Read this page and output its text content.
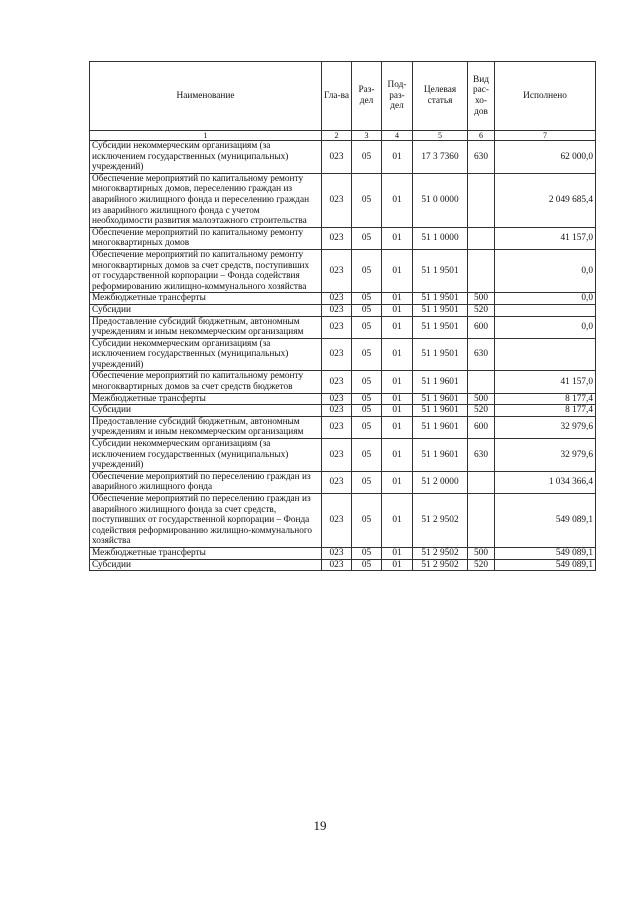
Наименование	Гла-ва	Раз-дел	Под-раз-дел	Целевая статья	Вид рас-хо-дов	Исполнено
1	2	3	4	5	6	7
Субсидии некоммерческим организациям (за исключением государственных (муниципальных) учреждений)	023	05	01	17 3 7360	630	62 000,0
Обеспечение мероприятий по капитальному ремонту многоквартирных домов, переселению граждан из аварийного жилищного фонда и переселению граждан из аварийного жилищного фонда с учетом необходимости развития малоэтажного строительства	023	05	01	51 0 0000		2 049 685,4
Обеспечение мероприятий по капитальному ремонту многоквартирных домов	023	05	01	51 1 0000		41 157,0
Обеспечение мероприятий по капитальному ремонту многоквартирных домов за счет средств, поступивших от государственной корпорации – Фонда содействия реформированию жилищно-коммунального хозяйства	023	05	01	51 1 9501		0,0
Межбюджетные трансферты	023	05	01	51 1 9501	500	0,0
Субсидии	023	05	01	51 1 9501	520	
Предоставление субсидий бюджетным, автономным учреждениям и иным некоммерческим организациям	023	05	01	51 1 9501	600	0,0
Субсидии некоммерческим организациям (за исключением государственных (муниципальных) учреждений)	023	05	01	51 1 9501	630	
Обеспечение мероприятий по капитальному ремонту многоквартирных домов за счет средств бюджетов	023	05	01	51 1 9601		41 157,0
Межбюджетные трансферты	023	05	01	51 1 9601	500	8 177,4
Субсидии	023	05	01	51 1 9601	520	8 177,4
Предоставление субсидий бюджетным, автономным учреждениям и иным некоммерческим организациям	023	05	01	51 1 9601	600	32 979,6
Субсидии некоммерческим организациям (за исключением государственных (муниципальных) учреждений)	023	05	01	51 1 9601	630	32 979,6
Обеспечение мероприятий по переселению граждан из аварийного жилищного фонда	023	05	01	51 2 0000		1 034 366,4
Обеспечение мероприятий по переселению граждан из аварийного жилищного фонда за счет средств, поступивших от государственной корпорации – Фонда содействия реформированию жилищно-коммунального хозяйства	023	05	01	51 2 9502		549 089,1
Межбюджетные трансферты	023	05	01	51 2 9502	500	549 089,1
Субсидии	023	05	01	51 2 9502	520	549 089,1
19
